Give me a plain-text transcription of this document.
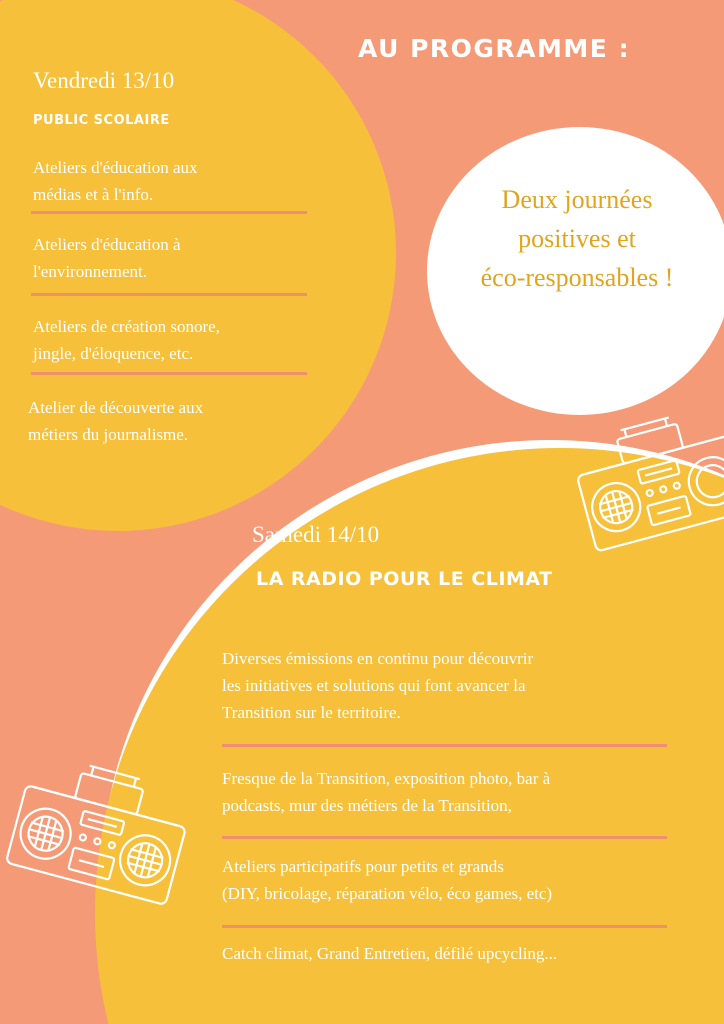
AU PROGRAMME :

Deux journées
positives et
éco-responsables !

Vendredi 13/10
PUBLIC SCOLAIRE

Ateliers d'éducation aux
médias et à l'info.

Ateliers d'éducation à
l'environnement.

Ateliers de création sonore,
jingle, d'éloquence, etc.

Atelier de découverte aux
métiers du journalisme.

Samedi 14/10
LA RADIO POUR LE CLIMAT

Diverses émissions en continu pour découvrir
les initiatives et solutions qui font avancer la
Transition sur le territoire.

Fresque de la Transition, exposition photo, bar à
podcasts, mur des métiers de la Transition,

Ateliers participatifs pour petits et grands
(DIY, bricolage, réparation vélo, éco games, etc)

Catch climat, Grand Entretien, défilé upcycling...
